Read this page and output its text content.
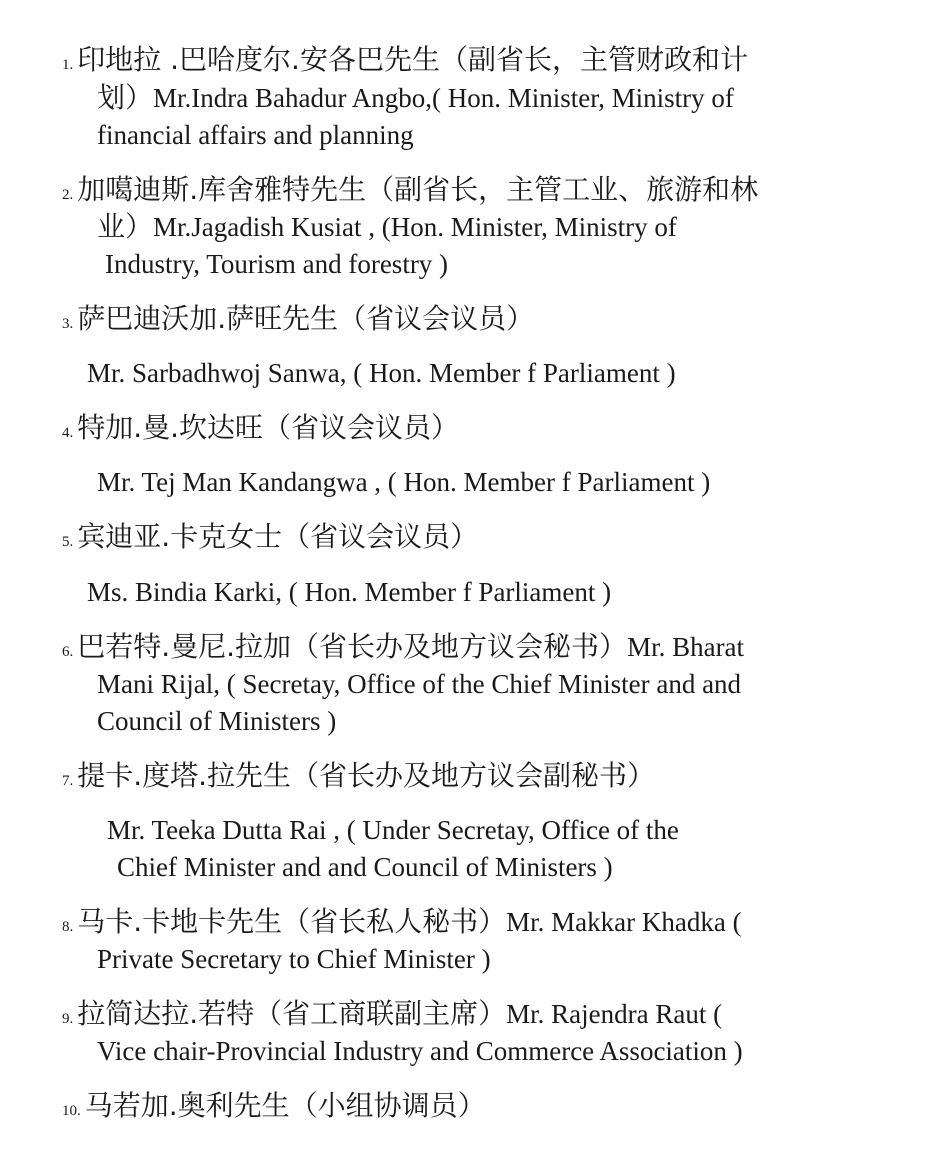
1. 印地拉 .巴哈度尔.安各巴先生（副省长，主管财政和计
划）Mr.Indra Bahadur Angbo,( Hon. Minister, Ministry of
financial affairs and planning
2. 加噶迪斯.库舍雅特先生（副省长，主管工业、旅游和林
业）Mr.Jagadish Kusiat , (Hon. Minister, Ministry of
Industry, Tourism and forestry )
3. 萨巴迪沃加.萨旺先生（省议会议员）
Mr. Sarbadhwoj Sanwa, ( Hon. Member f Parliament )
4. 特加.曼.坎达旺（省议会议员）
Mr. Tej Man Kandangwa , ( Hon. Member f Parliament )
5. 宾迪亚.卡克女士（省议会议员）
Ms. Bindia Karki, ( Hon. Member f Parliament )
6. 巴若特.曼尼.拉加（省长办及地方议会秘书）Mr. Bharat
Mani Rijal, ( Secretay, Office of the Chief Minister and and
Council of Ministers )
7. 提卡.度塔.拉先生（省长办及地方议会副秘书）
Mr. Teeka Dutta Rai , ( Under Secretay, Office of the
Chief Minister and and Council of Ministers )
8. 马卡.卡地卡先生（省长私人秘书）Mr. Makkar Khadka (
Private Secretary to Chief Minister )
9. 拉简达拉.若特（省工商联副主席）Mr. Rajendra Raut (
Vice chair-Provincial Industry and Commerce Association )
10. 马若加.奥利先生（小组协调员）
